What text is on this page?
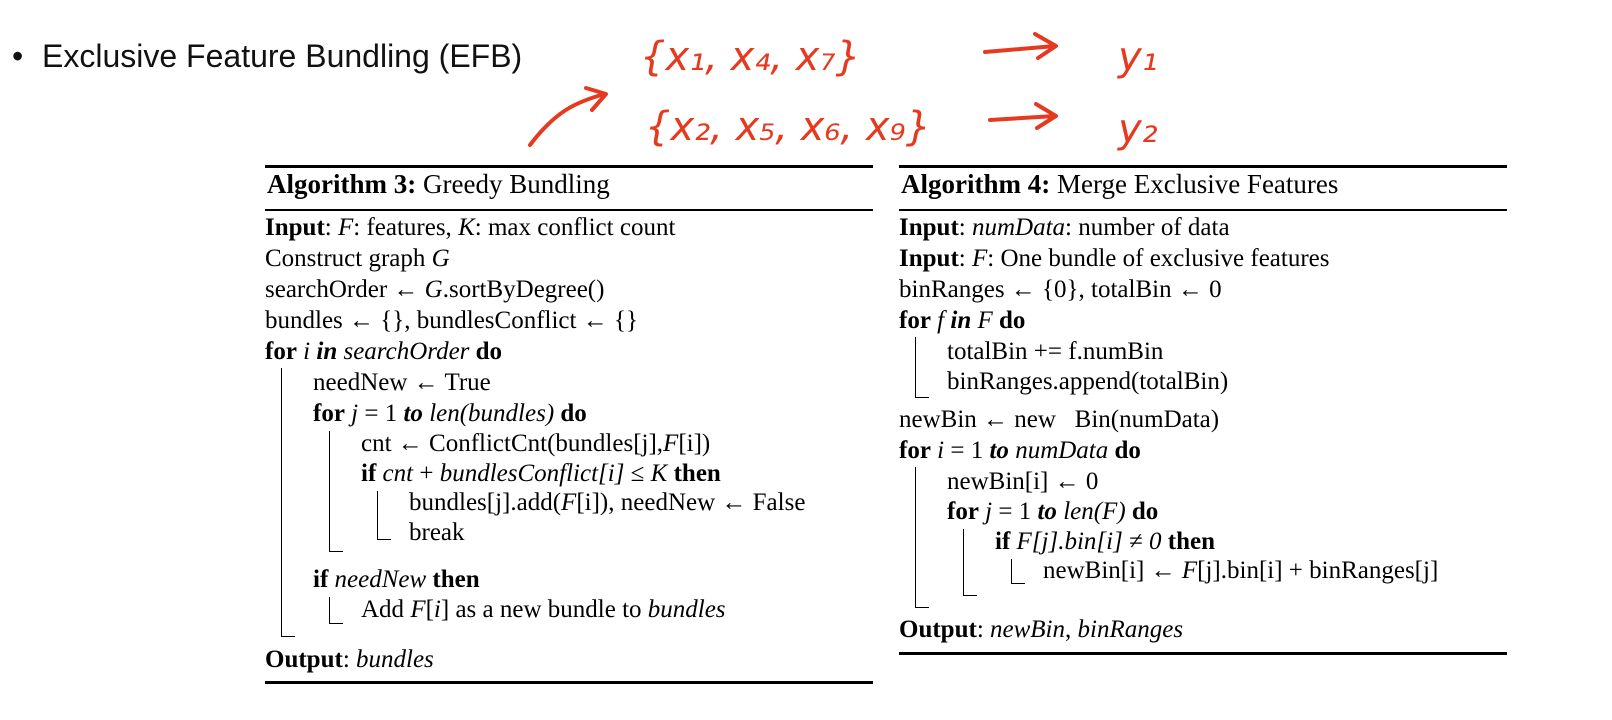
• Exclusive Feature Bundling (EFB)	{x₁, x₄, x₇}
{x₂, x₅, x₆, x₉}
y₁
y₂
Algorithm 3: Greedy Bundling
Input: F: features, K: max conflict count
Construct graph G
searchOrder ← G.sortByDegree()
bundles ← {}, bundlesConflict ← {}
for i in searchOrder do
needNew ← True
for j = 1 to len(bundles) do
cnt ← ConflictCnt(bundles[j],F[i])
if cnt + bundlesConflict[i] ≤ K then
bundles[j].add(F[i]), needNew ← False
break
if needNew then
Add F[i] as a new bundle to bundles
Output: bundles
Algorithm 4: Merge Exclusive Features
Input: numData: number of data
Input: F: One bundle of exclusive features
binRanges ← {0}, totalBin ← 0
for f in F do
totalBin += f.numBin
binRanges.append(totalBin)
newBin ← new   Bin(numData)
for i = 1 to numData do
newBin[i] ← 0
for j = 1 to len(F) do
if F[j].bin[i] ≠ 0 then
newBin[i] ← F[j].bin[i] + binRanges[j]
Output: newBin, binRanges
